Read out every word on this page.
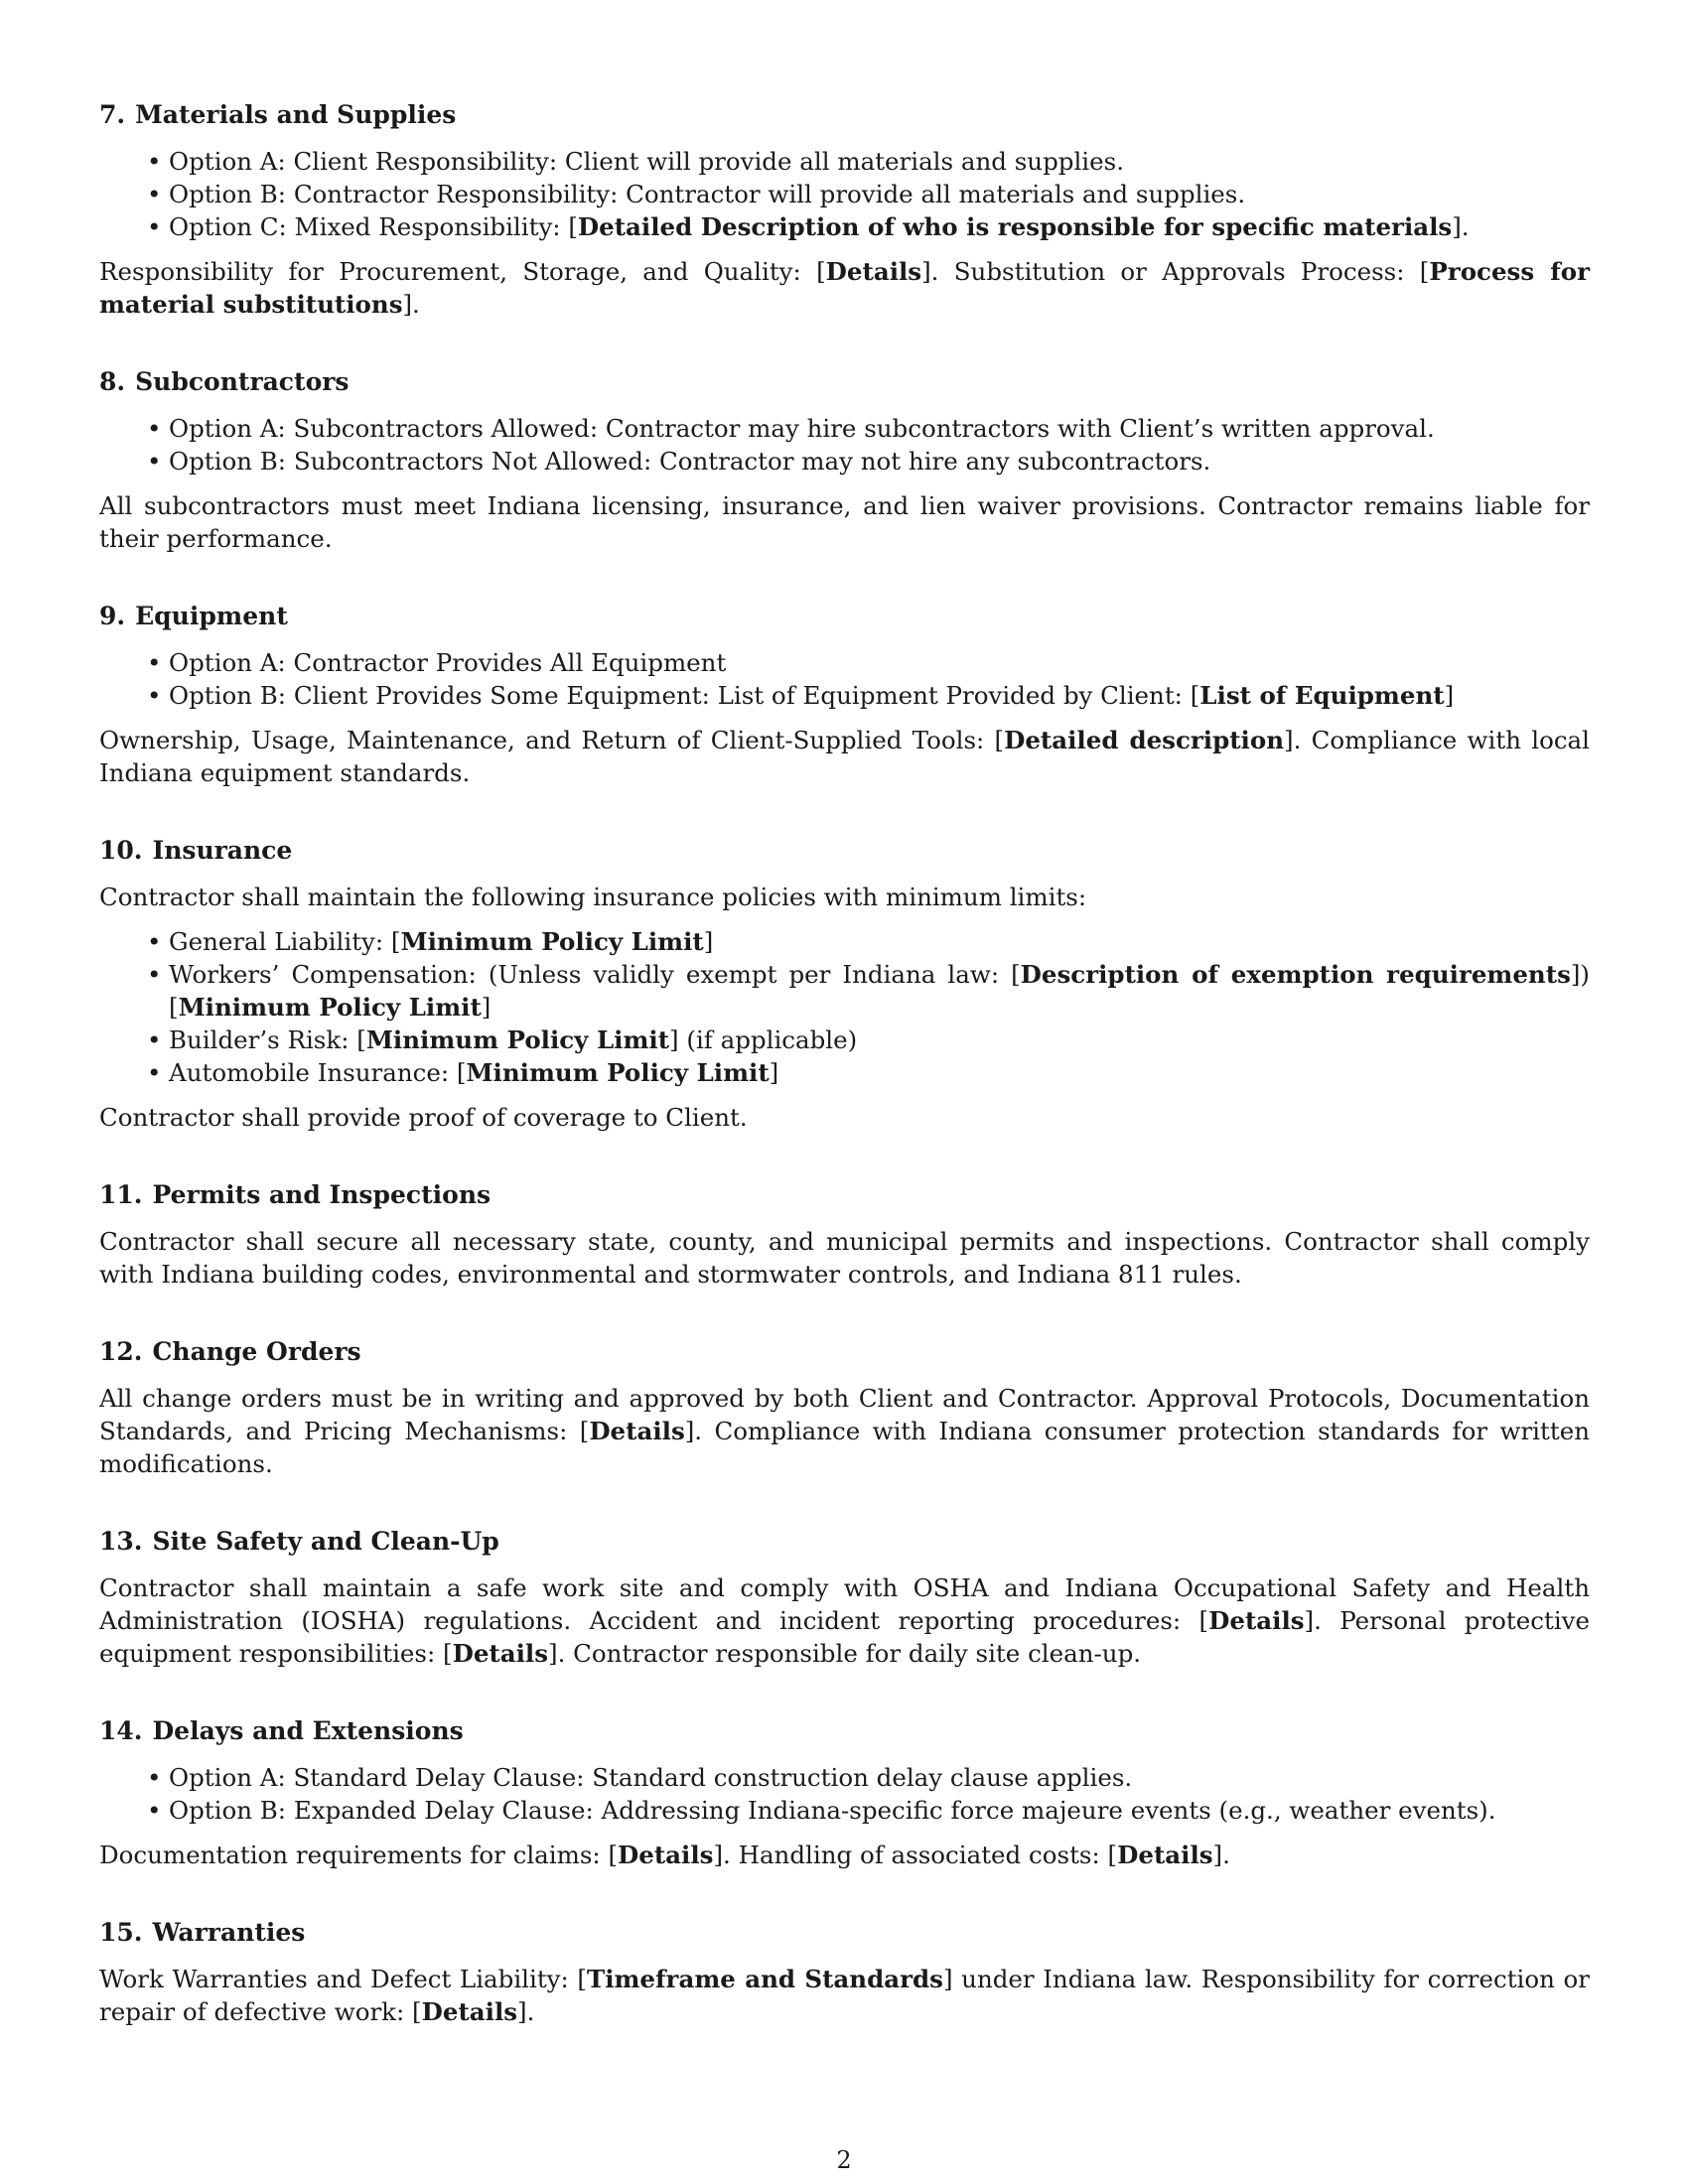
7. Materials and Supplies
• Option A: Client Responsibility: Client will provide all materials and supplies.
• Option B: Contractor Responsibility: Contractor will provide all materials and supplies.
• Option C: Mixed Responsibility: [Detailed Description of who is responsible for specific materials].

Responsibility for Procurement, Storage, and Quality: [Details]. Substitution or Approvals Process: [Process for material substitutions].

8. Subcontractors
• Option A: Subcontractors Allowed: Contractor may hire subcontractors with Client’s written approval.
• Option B: Subcontractors Not Allowed: Contractor may not hire any subcontractors.

All subcontractors must meet Indiana licensing, insurance, and lien waiver provisions. Contractor remains liable for their performance.

9. Equipment
• Option A: Contractor Provides All Equipment
• Option B: Client Provides Some Equipment: List of Equipment Provided by Client: [List of Equipment]

Ownership, Usage, Maintenance, and Return of Client-Supplied Tools: [Detailed description]. Compliance with local Indiana equipment standards.

10. Insurance

Contractor shall maintain the following insurance policies with minimum limits:

• General Liability: [Minimum Policy Limit]
• Workers’ Compensation: (Unless validly exempt per Indiana law: [Description of exemption requirements]) [Minimum Policy Limit]
• Builder’s Risk: [Minimum Policy Limit] (if applicable)
• Automobile Insurance: [Minimum Policy Limit]

Contractor shall provide proof of coverage to Client.

11. Permits and Inspections

Contractor shall secure all necessary state, county, and municipal permits and inspections. Contractor shall comply with Indiana building codes, environmental and stormwater controls, and Indiana 811 rules.

12. Change Orders

All change orders must be in writing and approved by both Client and Contractor. Approval Protocols, Documentation Standards, and Pricing Mechanisms: [Details]. Compliance with Indiana consumer protection standards for written modifications.

13. Site Safety and Clean-Up

Contractor shall maintain a safe work site and comply with OSHA and Indiana Occupational Safety and Health Administration (IOSHA) regulations. Accident and incident reporting procedures: [Details]. Personal protective equipment responsibilities: [Details]. Contractor responsible for daily site clean-up.

14. Delays and Extensions
• Option A: Standard Delay Clause: Standard construction delay clause applies.
• Option B: Expanded Delay Clause: Addressing Indiana-specific force majeure events (e.g., weather events).

Documentation requirements for claims: [Details]. Handling of associated costs: [Details].

15. Warranties

Work Warranties and Defect Liability: [Timeframe and Standards] under Indiana law. Responsibility for correction or repair of defective work: [Details].

2
